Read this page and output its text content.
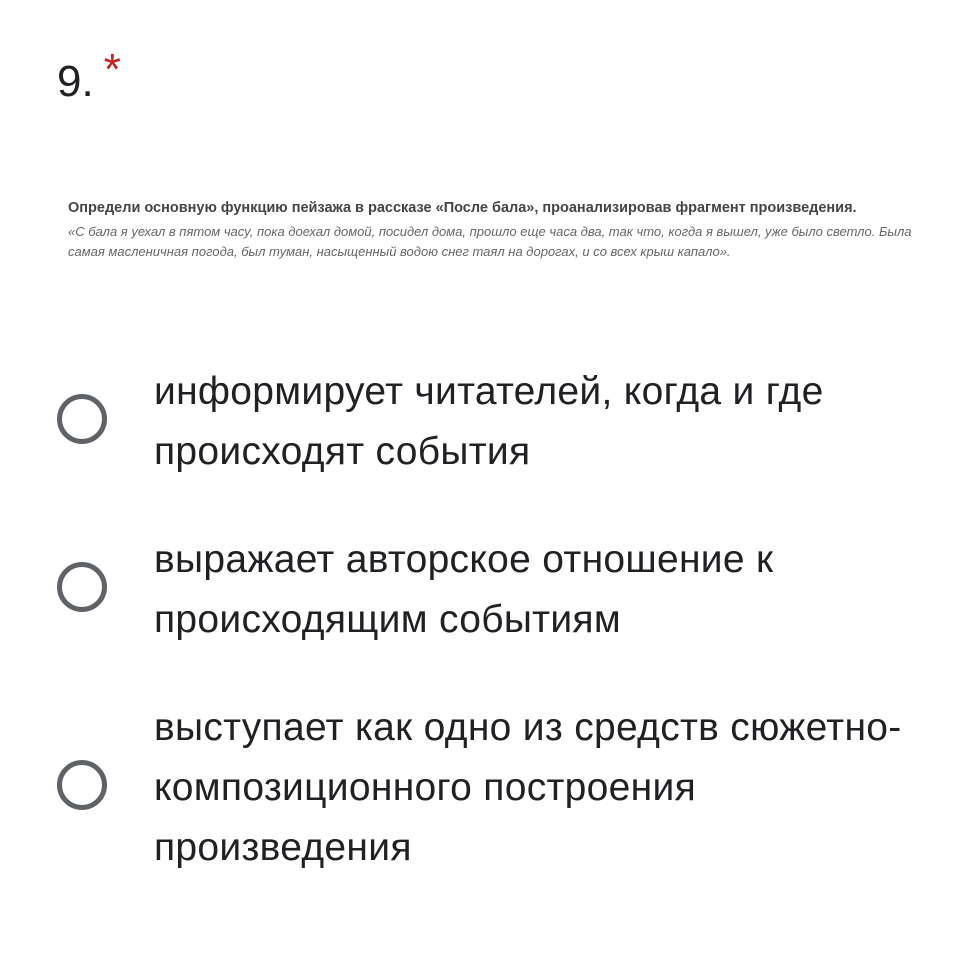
9. *
Определи основную функцию пейзажа в рассказе «После бала», проанализировав фрагмент произведения.
«С бала я уехал в пятом часу, пока доехал домой, посидел дома, прошло еще часа два, так что, когда я вышел, уже было светло. Была самая масленичная погода, был туман, насыщенный водою снег таял на дорогах, и со всех крыш капало».
информирует читателей, когда и где происходят события
выражает авторское отношение к происходящим событиям
выступает как одно из средств сюжетно-композиционного построения произведения
